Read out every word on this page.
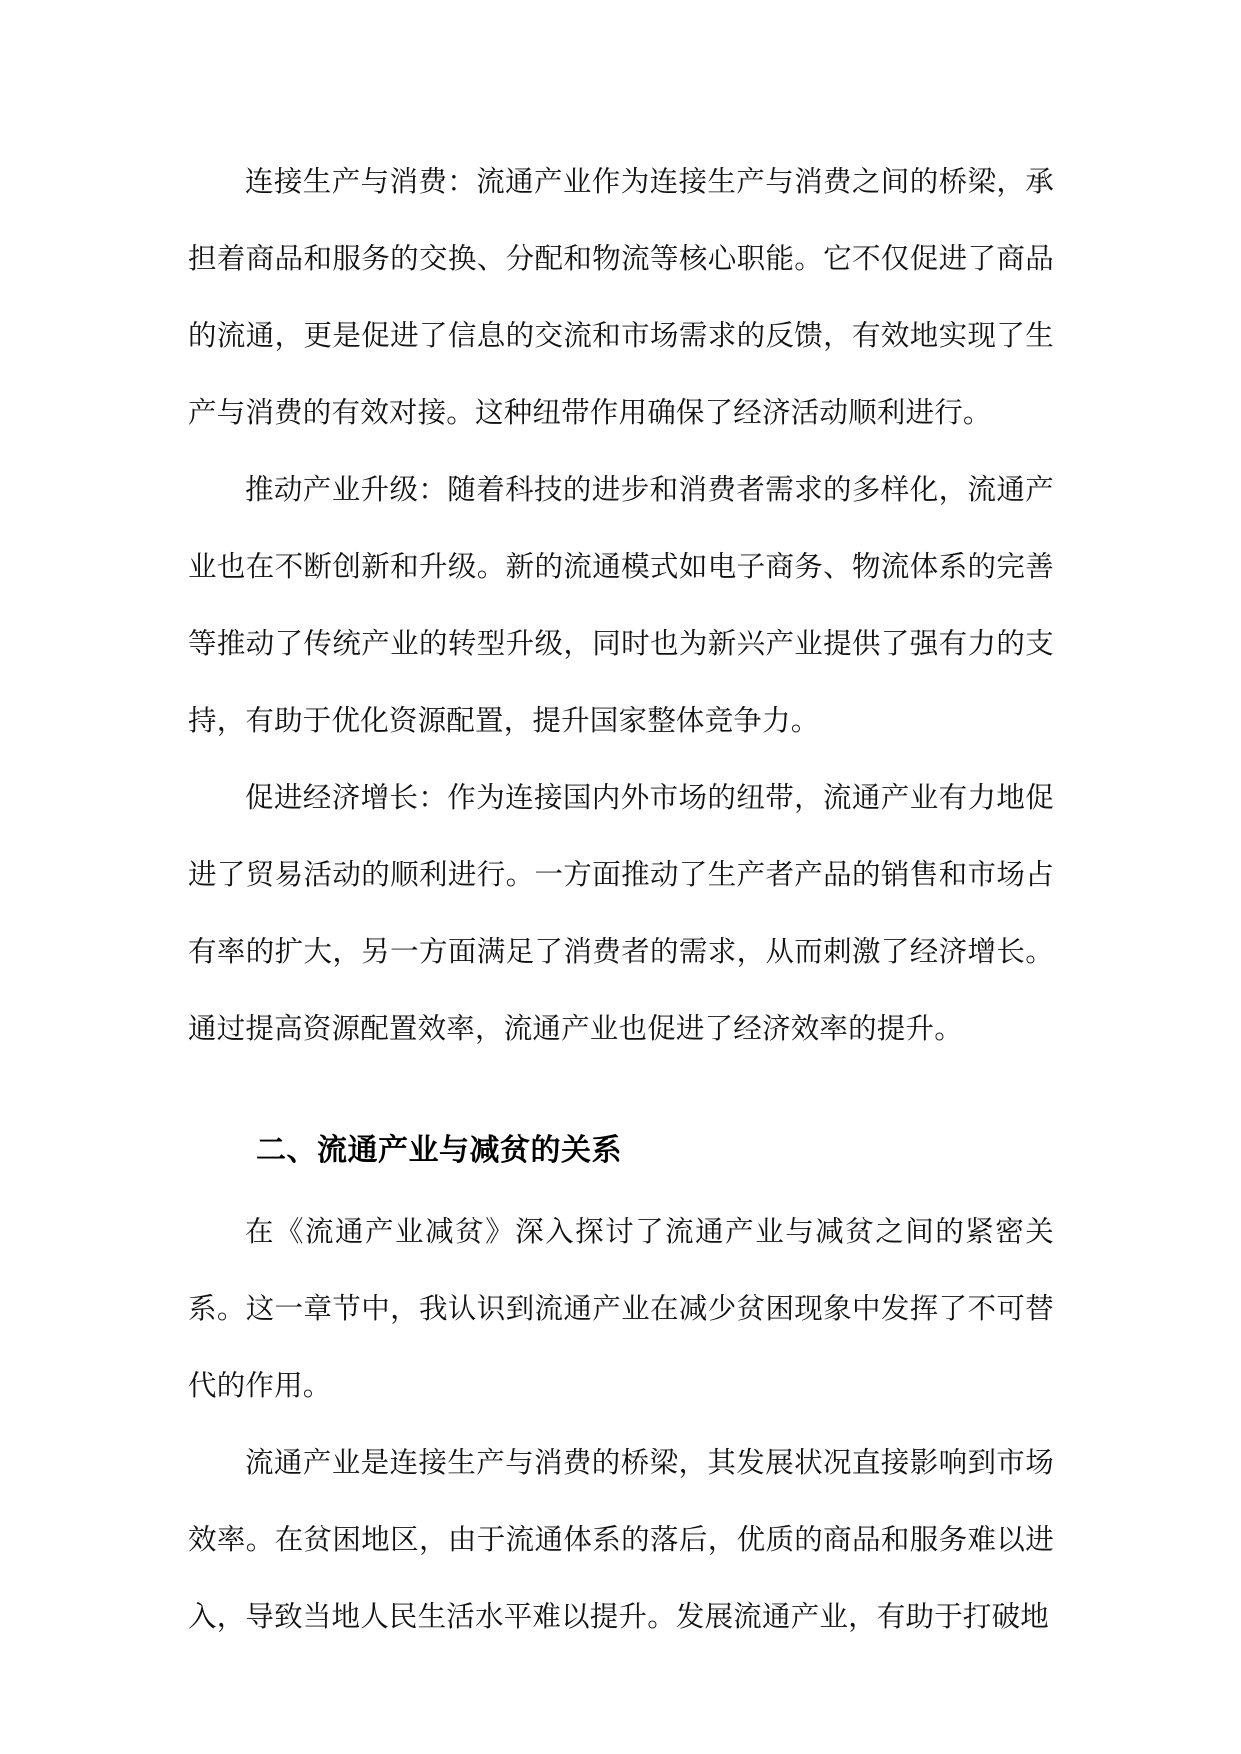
连接生产与消费：流通产业作为连接生产与消费之间的桥梁，承担着商品和服务的交换、分配和物流等核心职能。它不仅促进了商品的流通，更是促进了信息的交流和市场需求的反馈，有效地实现了生产与消费的有效对接。这种纽带作用确保了经济活动顺利进行。

推动产业升级：随着科技的进步和消费者需求的多样化，流通产业也在不断创新和升级。新的流通模式如电子商务、物流体系的完善等推动了传统产业的转型升级，同时也为新兴产业提供了强有力的支持，有助于优化资源配置，提升国家整体竞争力。

促进经济增长：作为连接国内外市场的纽带，流通产业有力地促进了贸易活动的顺利进行。一方面推动了生产者产品的销售和市场占有率的扩大，另一方面满足了消费者的需求，从而刺激了经济增长。通过提高资源配置效率，流通产业也促进了经济效率的提升。

二、流通产业与减贫的关系

在《流通产业减贫》深入探讨了流通产业与减贫之间的紧密关系。这一章节中，我认识到流通产业在减少贫困现象中发挥了不可替代的作用。

流通产业是连接生产与消费的桥梁，其发展状况直接影响到市场效率。在贫困地区，由于流通体系的落后，优质的商品和服务难以进入，导致当地人民生活水平难以提升。发展流通产业，有助于打破地
